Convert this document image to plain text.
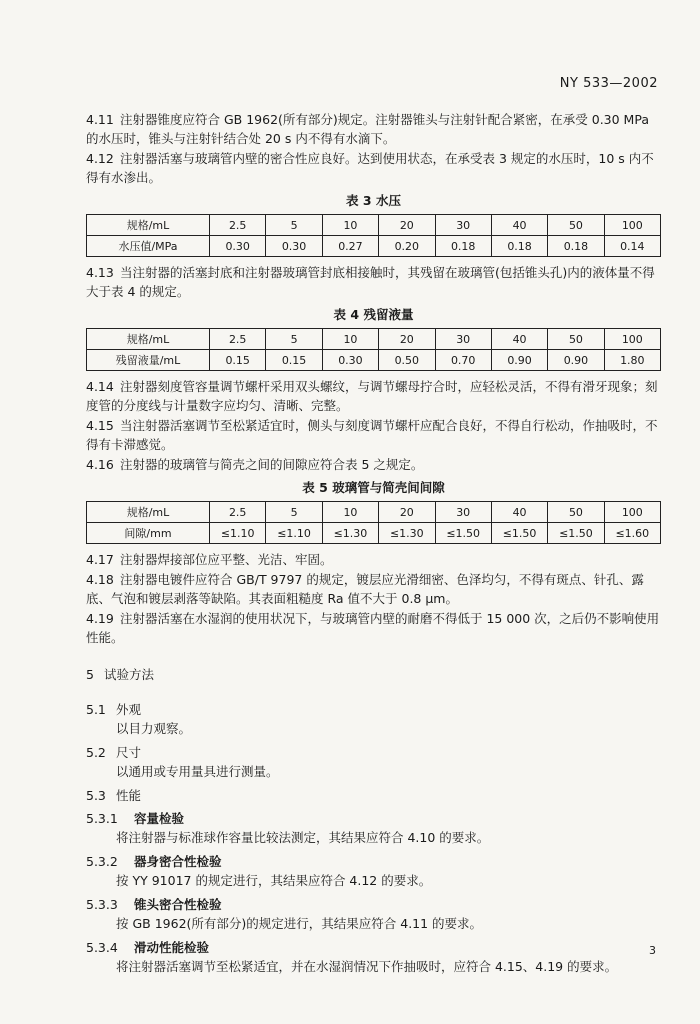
NY 533—2002

4.11 注射器锥度应符合 GB 1962(所有部分)规定。注射器锥头与注射针配合紧密，在承受 0.30 MPa 的水压时，锥头与注射针结合处 20 s 内不得有水滴下。

4.12 注射器活塞与玻璃管内壁的密合性应良好。达到使用状态，在承受表 3 规定的水压时，10 s 内不得有水渗出。

表 3 水压
规格/mL	2.5	5	10	20	30	40	50	100
水压值/MPa	0.30	0.30	0.27	0.20	0.18	0.18	0.18	0.14

4.13 当注射器的活塞封底和注射器玻璃管封底相接触时，其残留在玻璃管(包括锥头孔)内的液体量不得大于表 4 的规定。

表 4 残留液量
规格/mL	2.5	5	10	20	30	40	50	100
残留液量/mL	0.15	0.15	0.30	0.50	0.70	0.90	0.90	1.80

4.14 注射器刻度管容量调节螺杆采用双头螺纹，与调节螺母拧合时，应轻松灵活，不得有滑牙现象；刻度管的分度线与计量数字应均匀、清晰、完整。

4.15 当注射器活塞调节至松紧适宜时，侧头与刻度调节螺杆应配合良好，不得自行松动，作抽吸时，不得有卡滞感觉。

4.16 注射器的玻璃管与简壳之间的间隙应符合表 5 之规定。

表 5 玻璃管与简壳间间隙
规格/mL	2.5	5	10	20	30	40	50	100
间隙/mm	≤1.10	≤1.10	≤1.30	≤1.30	≤1.50	≤1.50	≤1.50	≤1.60

4.17 注射器焊接部位应平整、光洁、牢固。

4.18 注射器电镀件应符合 GB/T 9797 的规定，镀层应光滑细密、色泽均匀，不得有斑点、针孔、露底、气泡和镀层剥落等缺陷。其表面粗糙度 Ra 值不大于 0.8 μm。

4.19 注射器活塞在水湿润的使用状况下，与玻璃管内壁的耐磨不得低于 15 000 次，之后仍不影响使用性能。

5 试验方法

5.1 外观

以目力观察。

5.2 尺寸

以通用或专用量具进行测量。

5.3 性能

5.3.1 容量检验

将注射器与标准球作容量比较法测定，其结果应符合 4.10 的要求。

5.3.2 器身密合性检验

按 YY 91017 的规定进行，其结果应符合 4.12 的要求。

5.3.3 锥头密合性检验

按 GB 1962(所有部分)的规定进行，其结果应符合 4.11 的要求。

5.3.4 滑动性能检验

将注射器活塞调节至松紧适宜，并在水湿润情况下作抽吸时，应符合 4.15、4.19 的要求。

3
